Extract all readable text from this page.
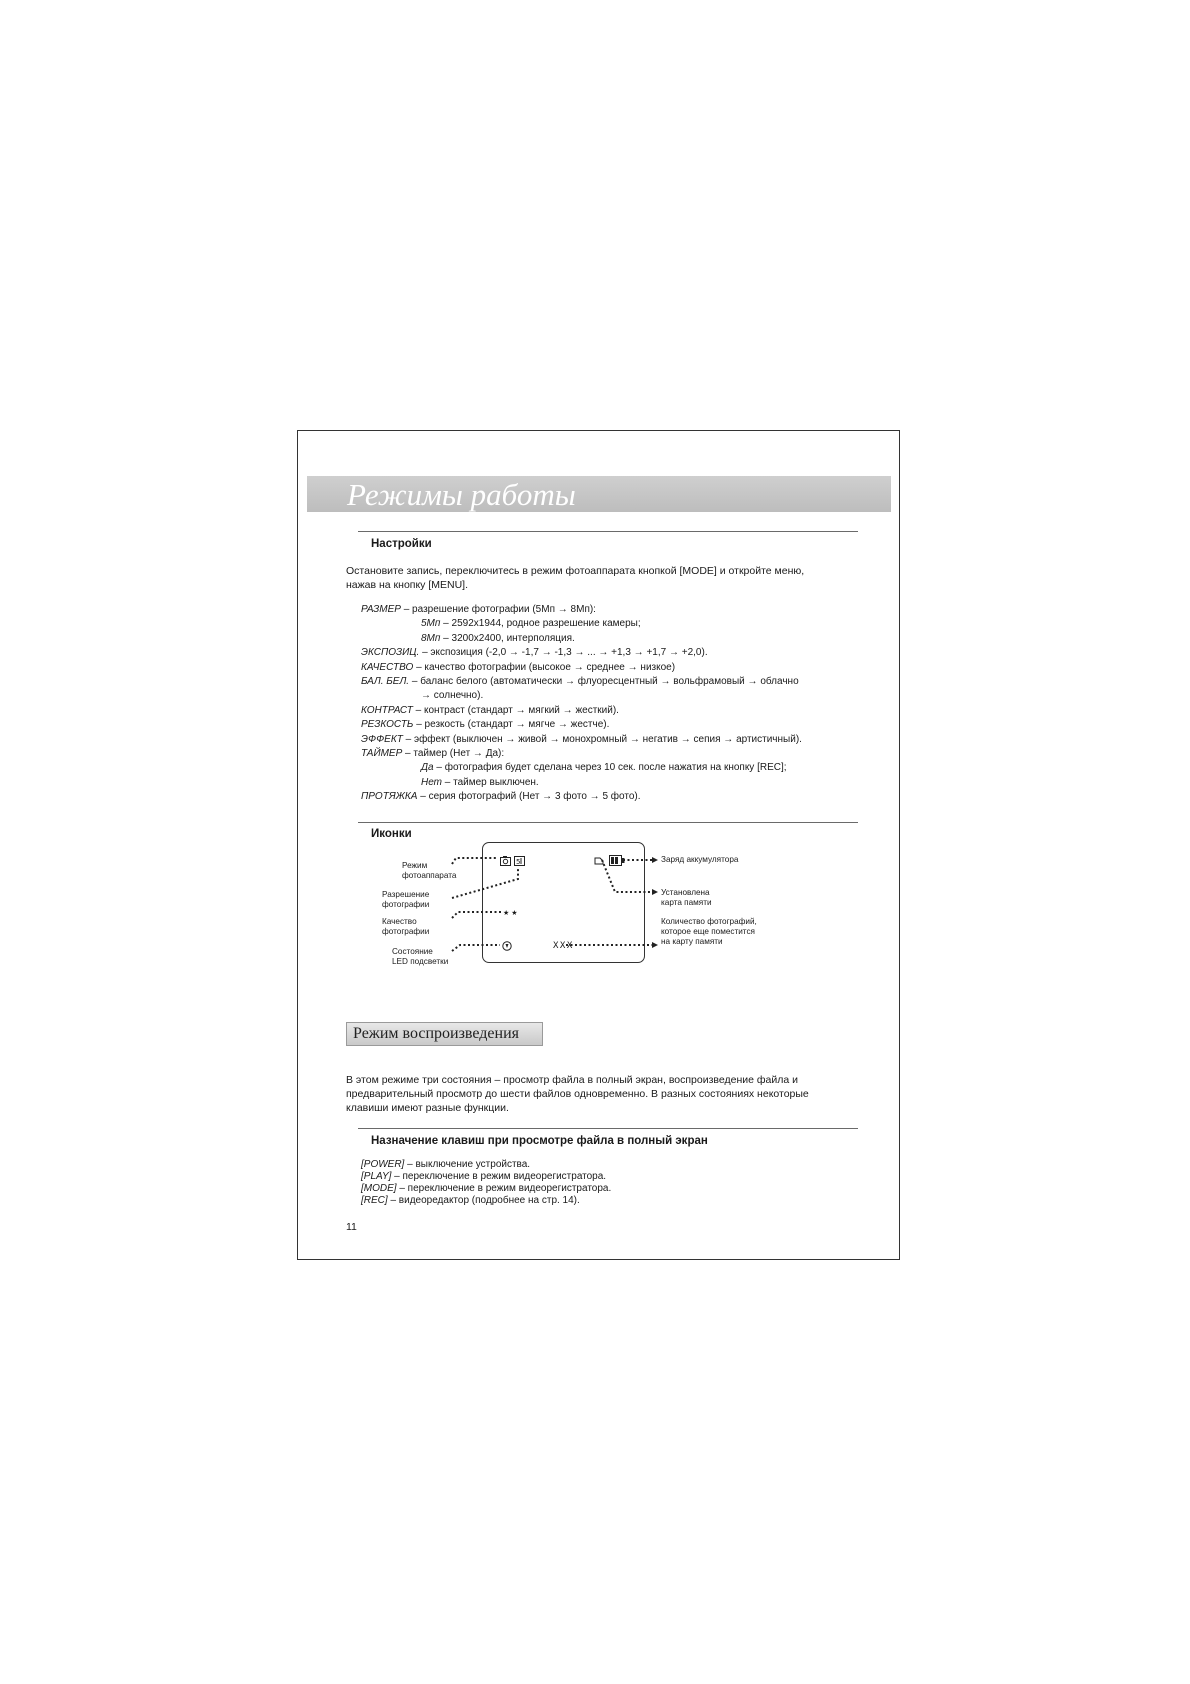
Режимы работы
Настройки
Остановите запись, переключитесь в режим фотоаппарата кнопкой [MODE] и откройте меню,
нажав на кнопку [MENU].
РАЗМЕР – разрешение фотографии (5Мп → 8Мп):
5Мп – 2592x1944, родное разрешение камеры;
8Мп – 3200x2400, интерполяция.
ЭКСПОЗИЦ. – экспозиция (-2,0 → -1,7 → -1,3 → ... → +1,3 → +1,7 → +2,0).
КАЧЕСТВО – качество фотографии (высокое → среднее → низкое)
БАЛ. БЕЛ. – баланс белого (автоматически → флуоресцентный → вольфрамовый → облачно
→ солнечно).
КОНТРАСТ – контраст (стандарт → мягкий → жесткий).
РЕЗКОСТЬ – резкость (стандарт → мягче → жестче).
ЭФФЕКТ – эффект (выключен → живой → монохромный → негатив → сепия → артистичный).
ТАЙМЕР – таймер (Нет → Да):
Да – фотография будет сделана через 10 сек. после нажатия на кнопку [REC];
Нет – таймер выключен.
ПРОТЯЖКА – серия фотографий (Нет → 3 фото → 5 фото).
Иконки
5
★★
XXX
Режим
фотоаппарата
Разрешение
фотографии
Качество
фотографии
Состояние
LED подсветки
Заряд аккумулятора
Установлена
карта памяти
Количество фотографий,
которое еще поместится
на карту памяти
Режим воспроизведения
В этом режиме три состояния – просмотр файла в полный экран, воспроизведение файла и
предварительный просмотр до шести файлов одновременно. В разных состояниях некоторые
клавиши имеют разные функции.
Назначение клавиш при просмотре файла в полный экран
[POWER] – выключение устройства.
[PLAY] – переключение в режим видеорегистратора.
[MODE] – переключение в режим видеорегистратора.
[REC] – видеоредактор (подробнее на стр. 14).
11
